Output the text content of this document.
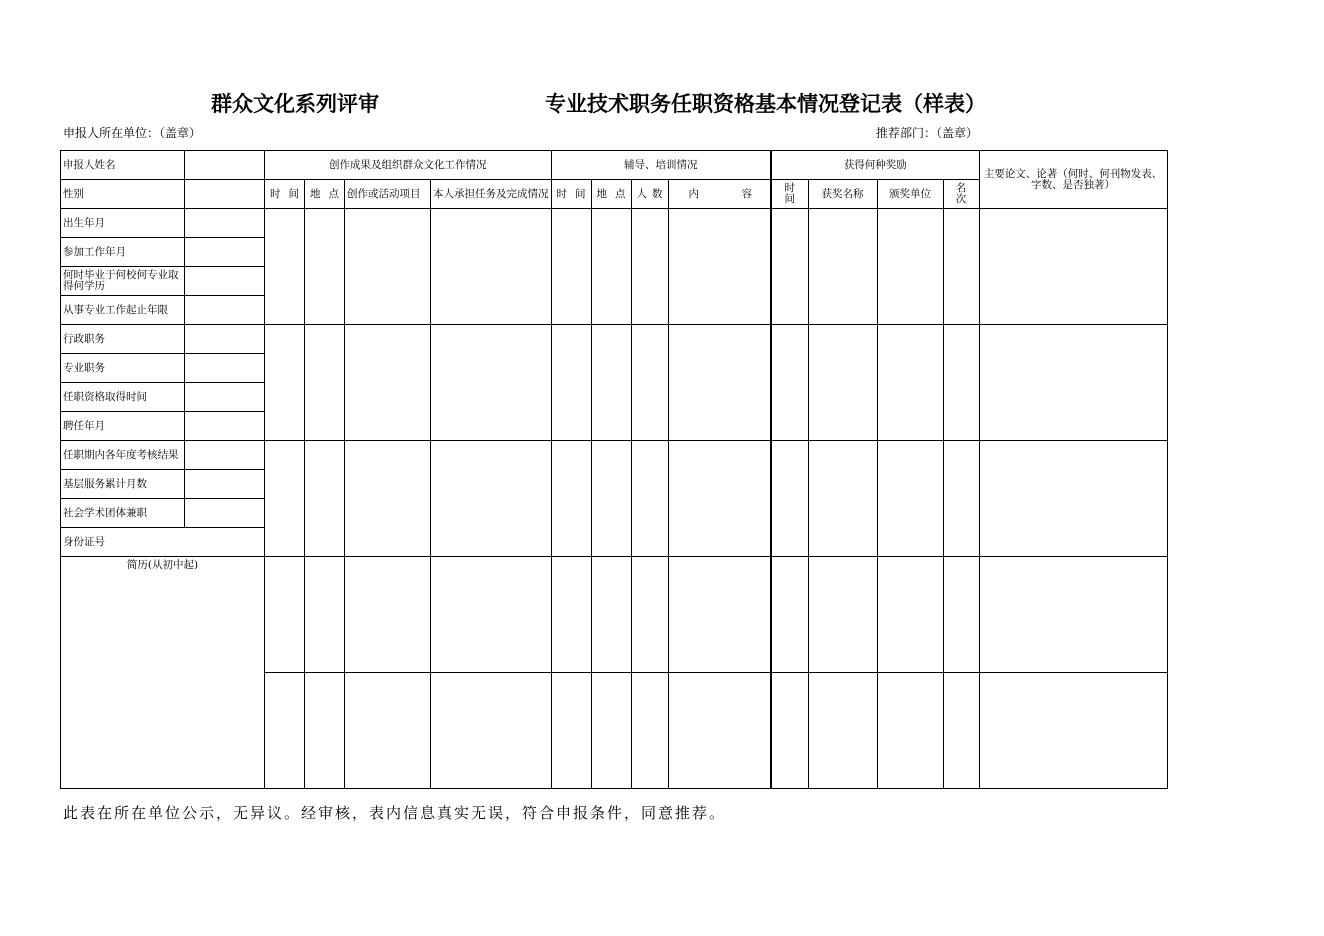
群众文化系列评审	专业技术职务任职资格基本情况登记表（样表）
申报人所在单位：（盖章）	推荐部门：（盖章）
申报人姓名		创作成果及组织群众文化工作情况				辅导、培训情况				获得何种奖励				主要论文、论著（何时、何刊物发表、字数、是否独著）
性别		时 间	地 点	创作或活动项目	本人承担任务及完成情况	时 间	地 点	人 数	内 容	时间	获奖名称	颁奖单位	名次	
出生年月														
参加工作年月														
何时毕业于何校何专业取得何学历														
从事专业工作起止年限														
行政职务														
专业职务														
任职资格取得时间														
聘任年月														
任职期内各年度考核结果														
基层服务累计月数														
社会学术团体兼职														
身份证号														
简历(从初中起)														

此表在所在单位公示，无异议。经审核，表内信息真实无误，符合申报条件，同意推荐。
